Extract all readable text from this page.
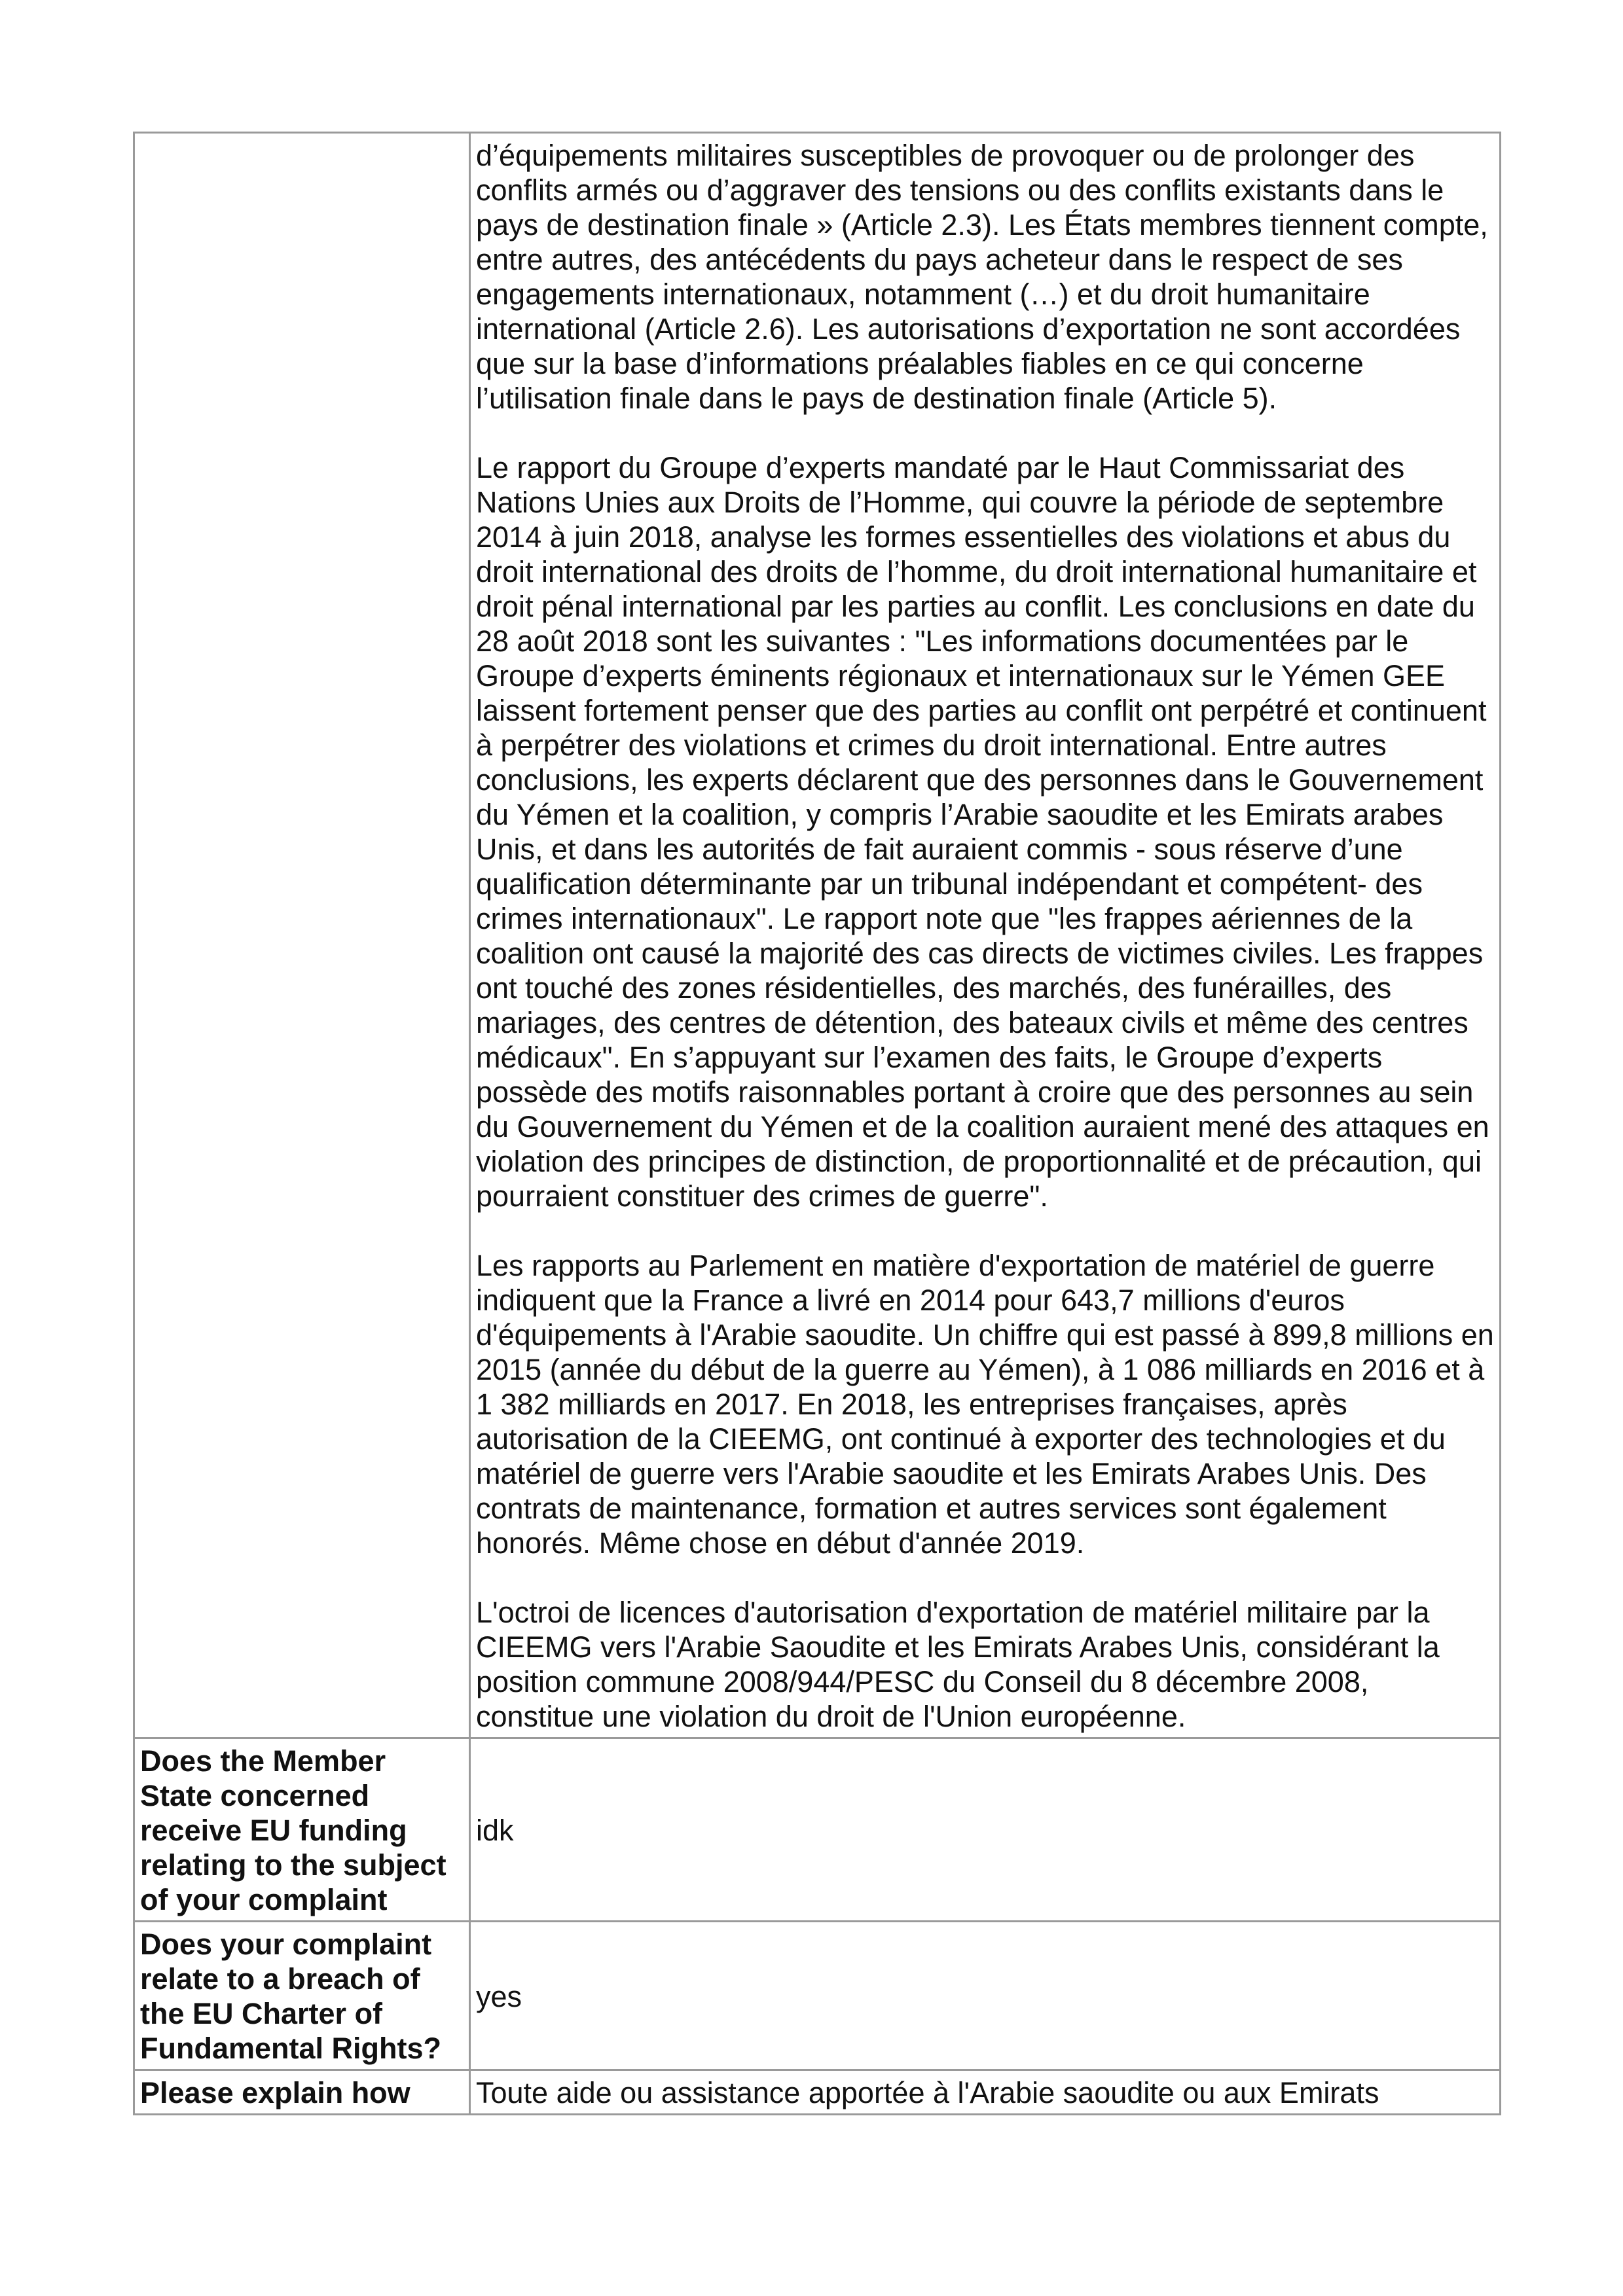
	d’équipements militaires susceptibles de provoquer ou de prolonger des conflits armés ou d’aggraver des tensions ou des conflits existants dans le pays de destination finale » (Article 2.3). Les États membres tiennent compte, entre autres, des antécédents du pays acheteur dans le respect de ses engagements internationaux, notamment (…) et du droit humanitaire international (Article 2.6). Les autorisations d’exportation ne sont accordées que sur la base d’informations préalables fiables en ce qui concerne l’utilisation finale dans le pays de destination finale (Article 5).

Le rapport du Groupe d’experts mandaté par le Haut Commissariat des Nations Unies aux Droits de l’Homme, qui couvre la période de septembre 2014 à juin 2018, analyse les formes essentielles des violations et abus du droit international des droits de l’homme, du droit international humanitaire et droit pénal international par les parties au conflit. Les conclusions en date du 28 août 2018 sont les suivantes : "Les informations documentées par le Groupe d’experts éminents régionaux et internationaux sur le Yémen GEE laissent fortement penser que des parties au conflit ont perpétré et continuent à perpétrer des violations et crimes du droit international. Entre autres conclusions, les experts déclarent que des personnes dans le Gouvernement du Yémen et la coalition, y compris l’Arabie saoudite et les Emirats arabes Unis, et dans les autorités de fait auraient commis - sous réserve d’une qualification déterminante par un tribunal indépendant et compétent- des crimes internationaux". Le rapport note que "les frappes aériennes de la coalition ont causé la majorité des cas directs de victimes civiles. Les frappes ont touché des zones résidentielles, des marchés, des funérailles, des mariages, des centres de détention, des bateaux civils et même des centres médicaux". En s’appuyant sur l’examen des faits, le Groupe d’experts possède des motifs raisonnables portant à croire que des personnes au sein du Gouvernement du Yémen et de la coalition auraient mené des attaques en violation des principes de distinction, de proportionnalité et de précaution, qui pourraient constituer des crimes de guerre".

Les rapports au Parlement en matière d'exportation de matériel de guerre indiquent que la France a livré en 2014 pour 643,7 millions d'euros d'équipements à l'Arabie saoudite. Un chiffre qui est passé à 899,8 millions en 2015 (année du début de la guerre au Yémen), à 1 086 milliards en 2016 et à 1 382 milliards en 2017. En 2018, les entreprises françaises, après autorisation de la CIEEMG, ont continué à exporter des technologies et du matériel de guerre vers l'Arabie saoudite et les Emirats Arabes Unis. Des contrats de maintenance, formation et autres services sont également honorés. Même chose en début d'année 2019.

L'octroi de licences d'autorisation d'exportation de matériel militaire par la CIEEMG vers l'Arabie Saoudite et les Emirats Arabes Unis, considérant la position commune 2008/944/PESC du Conseil du 8 décembre 2008, constitue une violation du droit de l'Union européenne.

Does the Member State concerned receive EU funding relating to the subject of your complaint	idk
Does your complaint relate to a breach of the EU Charter of Fundamental Rights?	yes
Please explain how	Toute aide ou assistance apportée à l'Arabie saoudite ou aux Emirats
